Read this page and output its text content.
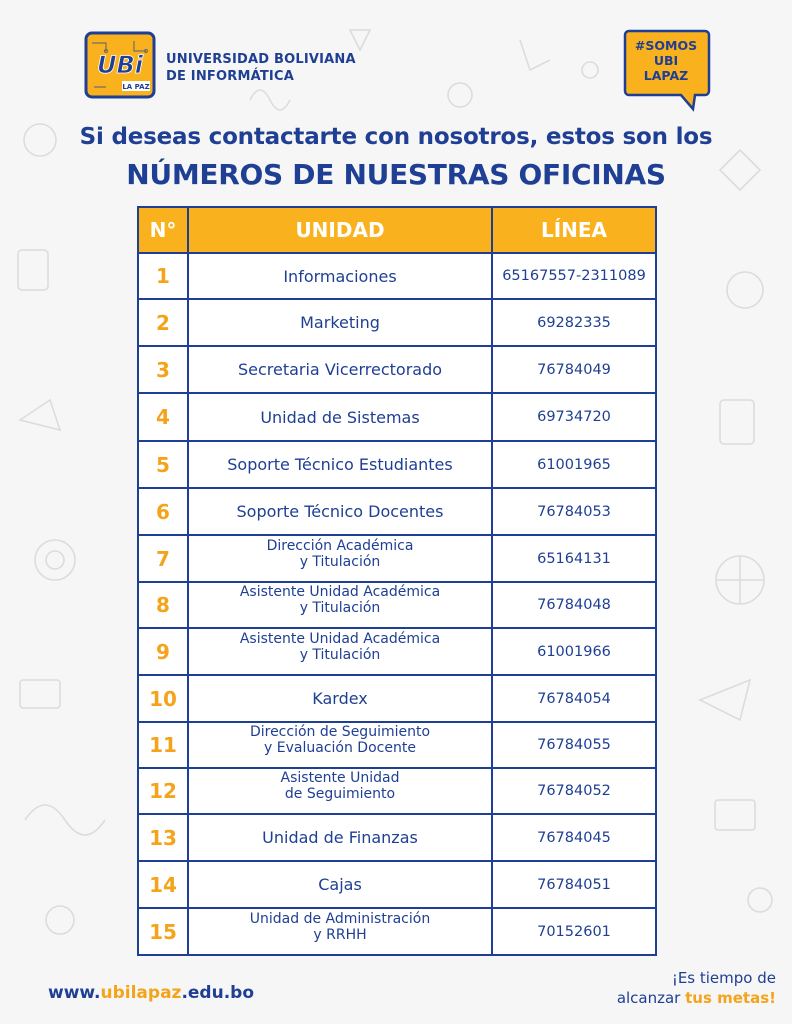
UBi
LA PAZ
UNIVERSIDAD BOLIVIANA
DE INFORMÁTICA
#SOMOS
UBI
LAPAZ
Si deseas contactarte con nosotros, estos son los
NÚMEROS DE NUESTRAS OFICINAS
N°	UNIDAD	LÍNEA
1	Informaciones	65167557-2311089
2	Marketing	69282335
3	Secretaria Vicerrectorado	76784049
4	Unidad de Sistemas	69734720
5	Soporte Técnico Estudiantes	61001965
6	Soporte Técnico Docentes	76784053
7	Dirección Académica
y Titulación	65164131
8	Asistente Unidad Académica
y Titulación	76784048
9	Asistente Unidad Académica
y Titulación	61001966
10	Kardex	76784054
11	Dirección de Seguimiento
y Evaluación Docente	76784055
12	Asistente Unidad
de Seguimiento	76784052
13	Unidad de Finanzas	76784045
14	Cajas	76784051
15	Unidad de Administración
y RRHH	70152601
www.ubilapaz.edu.bo
¡Es tiempo de
alcanzar tus metas!
